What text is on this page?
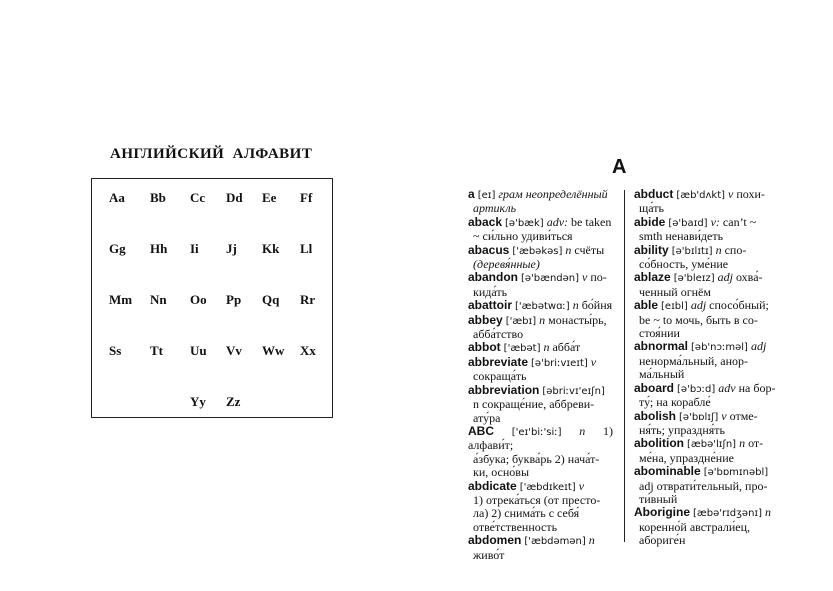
АНГЛИЙСКИЙ АЛФАВИТ
Aa Bb Cc Dd Ee Ff
Gg Hh Ii Jj Kk Ll
Mm Nn Oo Pp Qq Rr
Ss Tt Uu Vv Ww Xx
Yy Zz
A
a [eɪ] грам неопределённый
артикль
aback [ə'bæk] adv: be taken
~ си́льно удиви́ться
abacus ['æbəkəs] n счёты
(деревя́нные)
abandon [ə'bændən] v по-
кида́ть
abattoir ['æbətwɑː] n бо́йня
abbey ['æbɪ] n монасты́рь,
абба́тство
abbot ['æbət] n абба́т
abbreviate [ə'briːvɪeɪt] v
сокраща́ть
abbreviation [əbriːvɪ'eɪʃn]
n сокраще́ние, аббреви-
ату́ра
ABC ['eɪ'biː'siː] n 1) алфави́т;
а́збука; буква́рь 2) нача́т-
ки, осно́вы
abdicate ['æbdɪkeɪt] v
1) отрека́ться (от престо-
ла) 2) снима́ть с себя́
отве́тственность
abdomen ['æbdəmən] n
живо́т
abduct [æb'dʌkt] v похи-
ща́ть
abide [ə'baɪd] v: can’t ~
smth ненави́деть
ability [ə'bɪlɪtɪ] n спо-
со́бность, уме́ние
ablaze [ə'bleɪz] adj охва́-
ченный огнём
able [eɪbl] adj спосо́бный;
be ~ to мочь, быть в со-
стоя́нии
abnormal [əb'nɔːməl] adj
ненорма́льный, анор-
ма́льный
aboard [ə'bɔːd] adv на бор-
ту́; на корабле́
abolish [ə'bɒlɪʃ] v отме-
ня́ть; упраздня́ть
abolition [æbə'lɪʃn] n от-
ме́на, упраздне́ние
abominable [ə'bɒmɪnəbl]
adj отврати́тельный, про-
ти́вный
Aborigine [æbə'rɪdʒənɪ] n
коренно́й австрали́ец,
абориге́н
